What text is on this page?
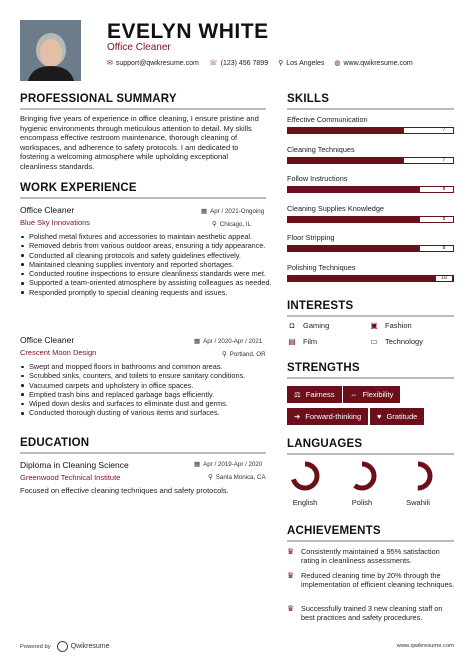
EVELYN WHITE
Office Cleaner
✉ support@qwikresume.com ☏ (123) 456 7899 ⚲ Los Angeles ◍ www.qwikresume.com
PROFESSIONAL SUMMARY
Bringing five years of experience in office cleaning, I ensure pristine and hygienic environments through meticulous attention to detail. My skills encompass effective restroom maintenance, thorough cleaning of workspaces, and adherence to safety protocols. I am dedicated to fostering a welcoming atmosphere while upholding exceptional cleanliness standards.
WORK EXPERIENCE
Office Cleaner
Blue Sky Innovations
▦ Apr / 2021-Ongoing
⚲ Chicago, IL
Polished metal fixtures and accessories to maintain aesthetic appeal.
Removed debris from various outdoor areas, ensuring a tidy appearance.
Conducted all cleaning protocols and safety guidelines effectively.
Maintained cleaning supplies inventory and reported shortages.
Conducted routine inspections to ensure cleanliness standards were met.
Supported a team-oriented atmosphere by assisting colleagues as needed.
Responded promptly to special cleaning requests and issues.
Office Cleaner
Crescent Moon Design
▦ Apr / 2020-Apr / 2021
⚲ Portland, OR
Swept and mopped floors in bathrooms and common areas.
Scrubbed sinks, counters, and toilets to ensure sanitary conditions.
Vacuumed carpets and upholstery in office spaces.
Emptied trash bins and replaced garbage bags efficiently.
Wiped down desks and surfaces to eliminate dust and germs.
Conducted thorough dusting of various items and surfaces.
EDUCATION
Diploma in Cleaning Science
Greenwood Technical Institute
▦ Apr / 2019-Apr / 2020
⚲ Santa Monica, CA
Focused on effective cleaning techniques and safety protocols.
SKILLS
Effective Communication
7
Cleaning Techniques
7
Follow Instructions
8
Cleaning Supplies Knowledge
8
Floor Stripping
8
Polishing Techniques
10
INTERESTS
◘	Gaming	▣ Fashion
▤ Film	▭ Technology
STRENGTHS
⚖ Fairness ⇔ Flexibility
➔ Forward-thinking ♥ Gratitude
LANGUAGES
English	Polish	Swahili
ACHIEVEMENTS
♛ Consistently maintained a 95% satisfaction rating in cleanliness assessments.
♛ Reduced cleaning time by 20% through the implementation of efficient cleaning techniques.
♛ Successfully trained 3 new cleaning staff on best practices and safety procedures.
Powered by	Qwikresume	www.qwikresume.com
